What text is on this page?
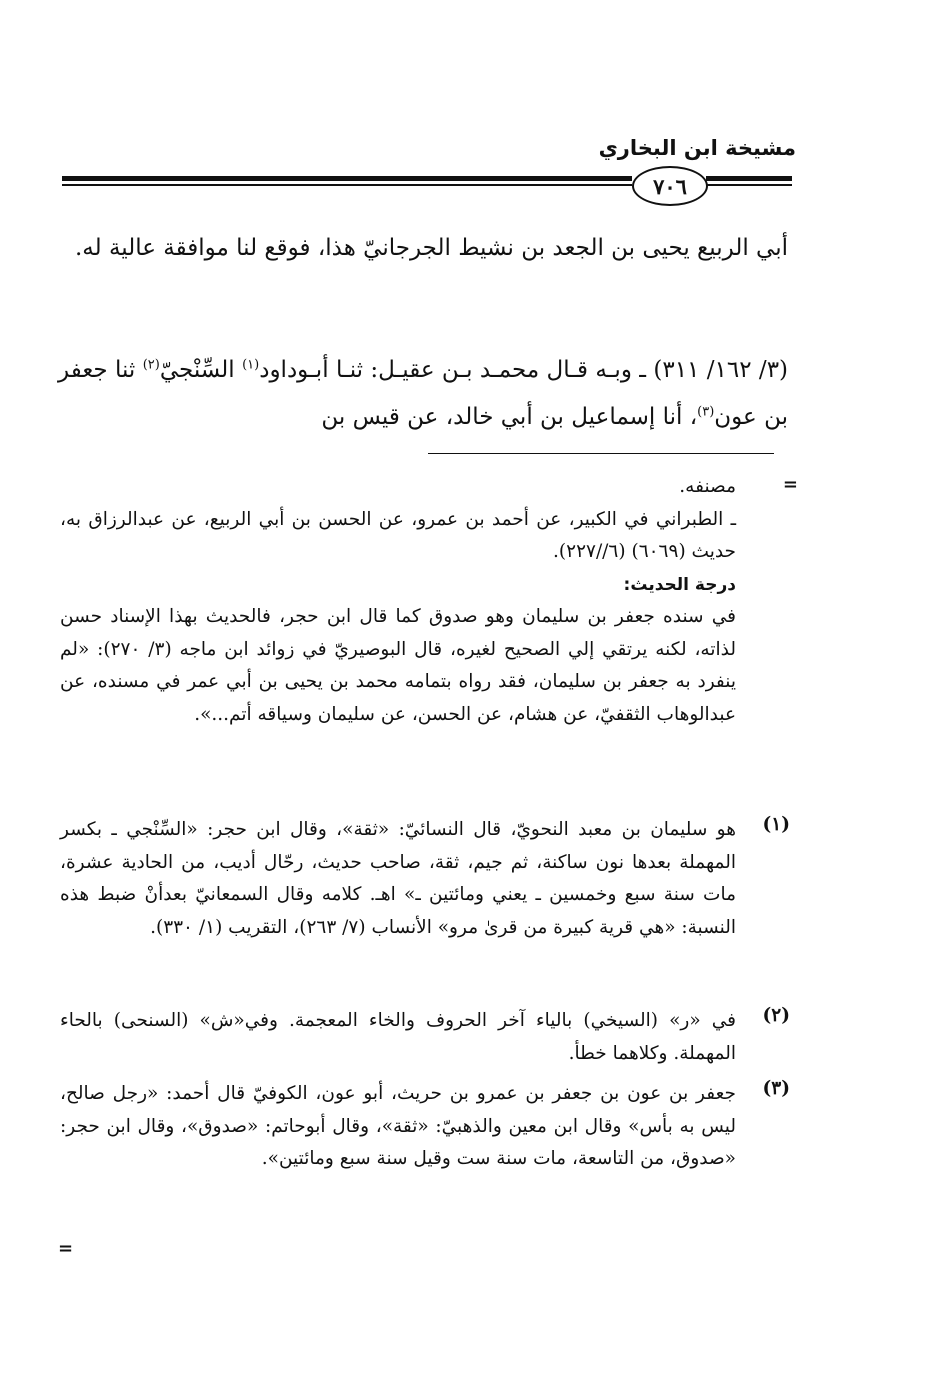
مشيخة ابن البخاري
٧٠٦
أبي الربيع يحيى بن الجعد بن نشيط الجرجانيّ هذا، فوقع لنا موافقة عالية له.
(٣/ ١٦٢/ ٣١١) ـ وبـه قـال محمـد بـن عقيـل: ثنـا أبـوداود$^{(١)}$ السِّنْجيّ$^{(٢)}$ ثنا جعفر بن عون$^{(٣)}$، أنا إسماعيل بن أبي خالد، عن قيس بن
=

مصنفه.

ـ الطبراني في الكبير، عن أحمد بن عمرو، عن الحسن بن أبي الربيع، عن عبدالرزاق به، حديث (٦٠٦٩) (٦//٢٢٧).

درجة الحديث:

في سنده جعفر بن سليمان وهو صدوق كما قال ابن حجر، فالحديث بهذا الإسناد حسن لذاته، لكنه يرتقي إلي الصحيح لغيره، قال البوصيريّ في زوائد ابن ماجه (٣/ ٢٧٠): «لم ينفرد به جعفر بن سليمان، فقد رواه بتمامه محمد بن يحيى بن أبي عمر في مسنده، عن عبدالوهاب الثقفيّ، عن هشام، عن الحسن، عن سليمان وسياقه أتم...».

(١)

هو سليمان بن معبد النحويّ، قال النسائيّ: «ثقة»، وقال ابن حجر: «السِّنْجي ـ بكسر المهملة بعدها نون ساكنة، ثم جيم، ثقة، صاحب حديث، رحّال أديب، من الحادية عشرة، مات سنة سبع وخمسين ـ يعني ومائتين ـ» اهـ. كلامه وقال السمعانيّ بعدأنْ ضبط هذه النسبة: «هي قرية كبيرة من قرىٰ مرو» الأنساب (٧/ ٢٦٣)، التقريب (١/ ٣٣٠).

(٢)

في «ر» (السيخي) بالياء آخر الحروف والخاء المعجمة. وفي«ش» (السنحى) بالحاء المهملة. وكلاهما خطأ.

(٣)

جعفر بن عون بن جعفر بن عمرو بن حريث، أبو عون، الكوفيّ قال أحمد: «رجل صالح، ليس به بأس» وقال ابن معين والذهبيّ: «ثقة»، وقال أبوحاتم: «صدوق»، وقال ابن حجر: «صدوق، من التاسعة، مات سنة ست وقيل سنة سبع ومائتين».

=
